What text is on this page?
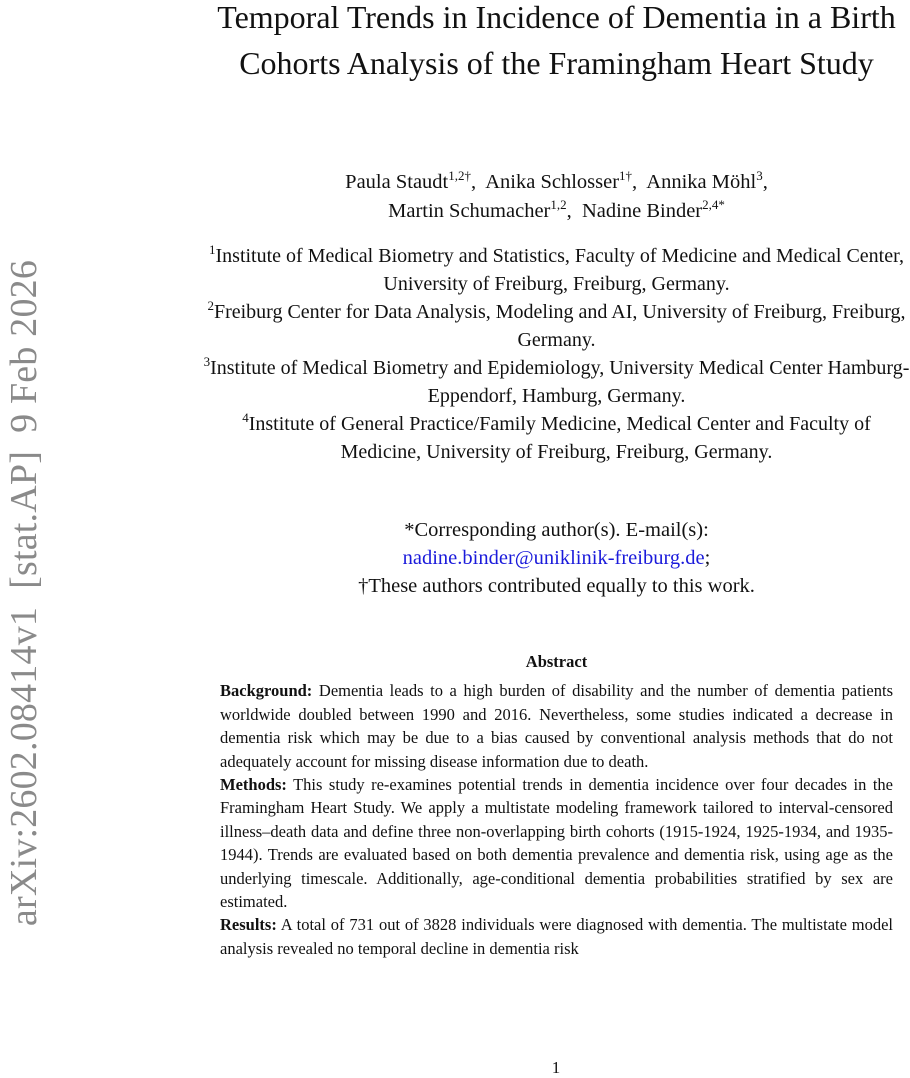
arXiv:2602.08414v1[stat.AP]9 Feb 2026
Temporal Trends in Incidence of Dementia in a Birth Cohorts Analysis of the Framingham Heart Study
Paula Staudt$^{1,2\dagger}$, Anika Schlosser$^{1\dagger}$, Annika Möhl$^3$,
Martin Schumacher$^{1,2}$, Nadine Binder$^{2,4*}$

$^1$Institute of Medical Biometry and Statistics, Faculty of Medicine and Medical Center, University of Freiburg, Freiburg, Germany.

$^2$Freiburg Center for Data Analysis, Modeling and AI, University of Freiburg, Freiburg, Germany.

$^3$Institute of Medical Biometry and Epidemiology, University Medical Center Hamburg-Eppendorf, Hamburg, Germany.

$^4$Institute of General Practice/Family Medicine, Medical Center and Faculty of Medicine, University of Freiburg, Freiburg, Germany.

*Corresponding author(s). E-mail(s):
nadine.binder@uniklinik-freiburg.de;
†These authors contributed equally to this work.
Abstract

Background: Dementia leads to a high burden of disability and the number of dementia patients worldwide doubled between 1990 and 2016. Nevertheless, some studies indicated a decrease in dementia risk which may be due to a bias caused by conventional analysis methods that do not adequately account for missing disease information due to death.

Methods: This study re-examines potential trends in dementia incidence over four decades in the Framingham Heart Study. We apply a multistate modeling framework tailored to interval-censored illness–death data and define three non-overlapping birth cohorts (1915-1924, 1925-1934, and 1935-1944). Trends are evaluated based on both dementia prevalence and dementia risk, using age as the underlying timescale. Additionally, age-conditional dementia probabilities stratified by sex are estimated.

Results: A total of 731 out of 3828 individuals were diagnosed with dementia. The multistate model analysis revealed no temporal decline in dementia risk

1
